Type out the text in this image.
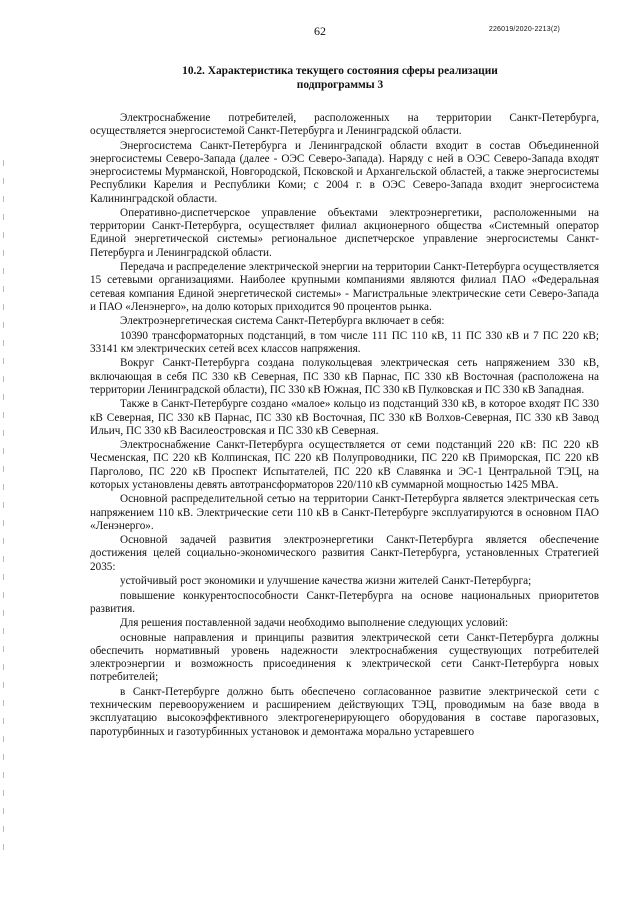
62	226019/2020-2213(2)
10.2. Характеристика текущего состояния сферы реализации
подпрограммы 3

Электроснабжение потребителей, расположенных на территории Санкт-Петербурга, осуществляется энергосистемой Санкт-Петербурга и Ленинградской области.

Энергосистема Санкт-Петербурга и Ленинградской области входит в состав Объединенной энергосистемы Северо-Запада (далее - ОЭС Северо-Запада). Наряду с ней в ОЭС Северо-Запада входят энергосистемы Мурманской, Новгородской, Псковской и Архангельской областей, а также энергосистемы Республики Карелия и Республики Коми; с 2004 г. в ОЭС Северо-Запада входит энергосистема Калининградской области.

Оперативно-диспетчерское управление объектами электроэнергетики, расположенными на территории Санкт-Петербурга, осуществляет филиал акционерного общества «Системный оператор Единой энергетической системы» региональное диспетчерское управление энергосистемы Санкт-Петербурга и Ленинградской области.

Передача и распределение электрической энергии на территории Санкт-Петербурга осуществляется 15 сетевыми организациями. Наиболее крупными компаниями являются филиал ПАО «Федеральная сетевая компания Единой энергетической системы» - Магистральные электрические сети Северо-Запада и ПАО «Ленэнерго», на долю которых приходится 90 процентов рынка.

Электроэнергетическая система Санкт-Петербурга включает в себя:

10390 трансформаторных подстанций, в том числе 111 ПС 110 кВ, 11 ПС 330 кВ и 7 ПС 220 кВ; 33141 км электрических сетей всех классов напряжения.

Вокруг Санкт-Петербурга создана полукольцевая электрическая сеть напряжением 330 кВ, включающая в себя ПС 330 кВ Северная, ПС 330 кВ Парнас, ПС 330 кВ Восточная (расположена на территории Ленинградской области), ПС 330 кВ Южная, ПС 330 кВ Пулковская и ПС 330 кВ Западная.

Также в Санкт-Петербурге создано «малое» кольцо из подстанций 330 кВ, в которое входят ПС 330 кВ Северная, ПС 330 кВ Парнас, ПС 330 кВ Восточная, ПС 330 кВ Волхов-Северная, ПС 330 кВ Завод Ильич, ПС 330 кВ Василеостровская и ПС 330 кВ Северная.

Электроснабжение Санкт-Петербурга осуществляется от семи подстанций 220 кВ: ПС 220 кВ Чесменская, ПС 220 кВ Колпинская, ПС 220 кВ Полупроводники, ПС 220 кВ Приморская, ПС 220 кВ Парголово, ПС 220 кВ Проспект Испытателей, ПС 220 кВ Славянка и ЭС-1 Центральной ТЭЦ, на которых установлены девять автотрансформаторов 220/110 кВ суммарной мощностью 1425 МВА.

Основной распределительной сетью на территории Санкт-Петербурга является электрическая сеть напряжением 110 кВ. Электрические сети 110 кВ в Санкт-Петербурге эксплуатируются в основном ПАО «Ленэнерго».

Основной задачей развития электроэнергетики Санкт-Петербурга является обеспечение достижения целей социально-экономического развития Санкт-Петербурга, установленных Стратегией 2035:

устойчивый рост экономики и улучшение качества жизни жителей Санкт-Петербурга;

повышение конкурентоспособности Санкт-Петербурга на основе национальных приоритетов развития.

Для решения поставленной задачи необходимо выполнение следующих условий:

основные направления и принципы развития электрической сети Санкт-Петербурга должны обеспечить нормативный уровень надежности электроснабжения существующих потребителей электроэнергии и возможность присоединения к электрической сети Санкт-Петербурга новых потребителей;

в Санкт-Петербурге должно быть обеспечено согласованное развитие электрической сети с техническим перевооружением и расширением действующих ТЭЦ, проводимым на базе ввода в эксплуатацию высокоэффективного электрогенерирующего оборудования в составе парогазовых, паротурбинных и газотурбинных установок и демонтажа морально устаревшего
